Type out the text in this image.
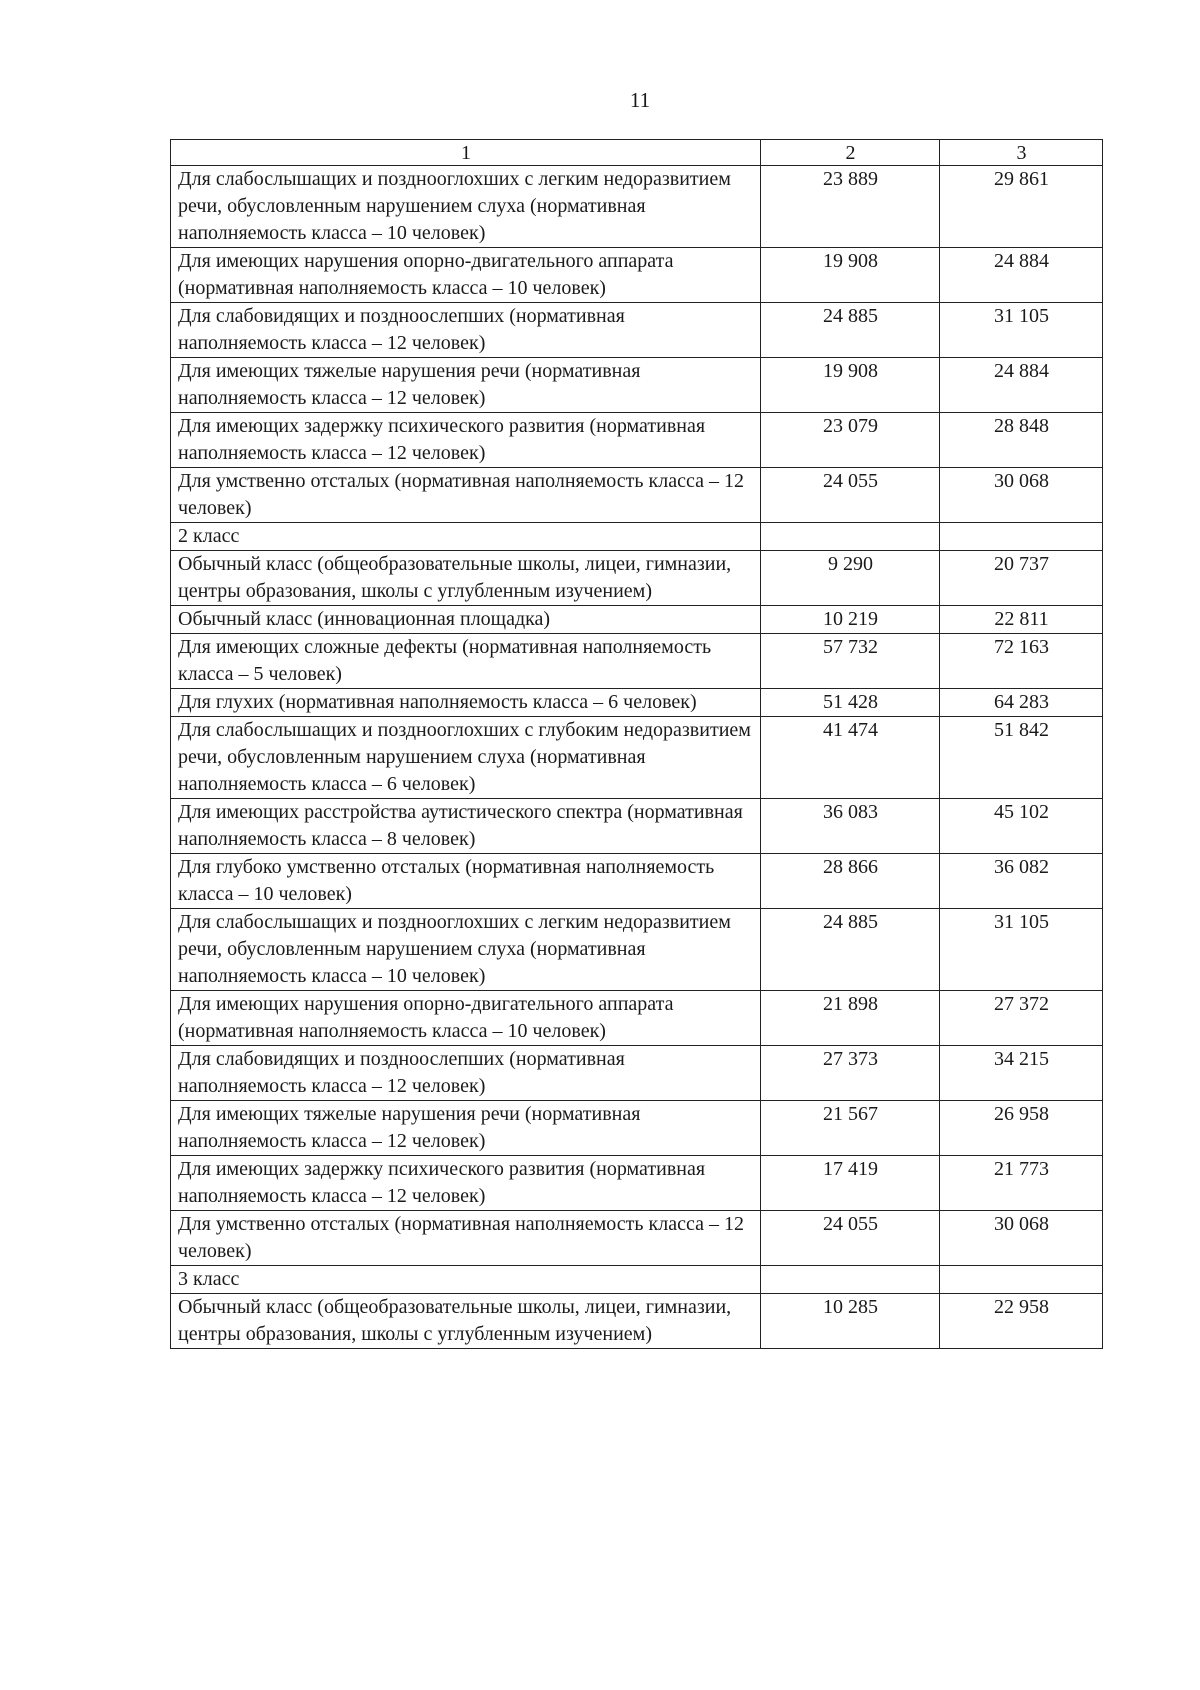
11
1	2	3
Для слабослышащих и позднооглохших с легким недоразвитием речи, обусловленным нарушением слуха (нормативная наполняемость класса – 10 человек)	23 889	29 861
Для имеющих нарушения опорно-двигательного аппарата (нормативная наполняемость класса – 10 человек)	19 908	24 884
Для слабовидящих и поздноослепших (нормативная наполняемость класса – 12 человек)	24 885	31 105
Для имеющих тяжелые нарушения речи (нормативная наполняемость класса – 12 человек)	19 908	24 884
Для имеющих задержку психического развития (нормативная наполняемость класса – 12 человек)	23 079	28 848
Для умственно отсталых (нормативная наполняемость класса – 12 человек)	24 055	30 068
2 класс		
Обычный класс (общеобразовательные школы, лицеи, гимназии, центры образования, школы с углубленным изучением)	9 290	20 737
Обычный класс (инновационная площадка)	10 219	22 811
Для имеющих сложные дефекты (нормативная наполняемость класса – 5 человек)	57 732	72 163
Для глухих (нормативная наполняемость класса – 6 человек)	51 428	64 283
Для слабослышащих и позднооглохших с глубоким недоразвитием речи, обусловленным нарушением слуха (нормативная наполняемость класса – 6 человек)	41 474	51 842
Для имеющих расстройства аутистического спектра (нормативная наполняемость класса – 8 человек)	36 083	45 102
Для глубоко умственно отсталых (нормативная наполняемость класса – 10 человек)	28 866	36 082
Для слабослышащих и позднооглохших с легким недоразвитием речи, обусловленным нарушением слуха (нормативная наполняемость класса – 10 человек)	24 885	31 105
Для имеющих нарушения опорно-двигательного аппарата (нормативная наполняемость класса – 10 человек)	21 898	27 372
Для слабовидящих и поздноослепших (нормативная наполняемость класса – 12 человек)	27 373	34 215
Для имеющих тяжелые нарушения речи (нормативная наполняемость класса – 12 человек)	21 567	26 958
Для имеющих задержку психического развития (нормативная наполняемость класса – 12 человек)	17 419	21 773
Для умственно отсталых (нормативная наполняемость класса – 12 человек)	24 055	30 068
3 класс		
Обычный класс (общеобразовательные школы, лицеи, гимназии, центры образования, школы с углубленным изучением)	10 285	22 958
